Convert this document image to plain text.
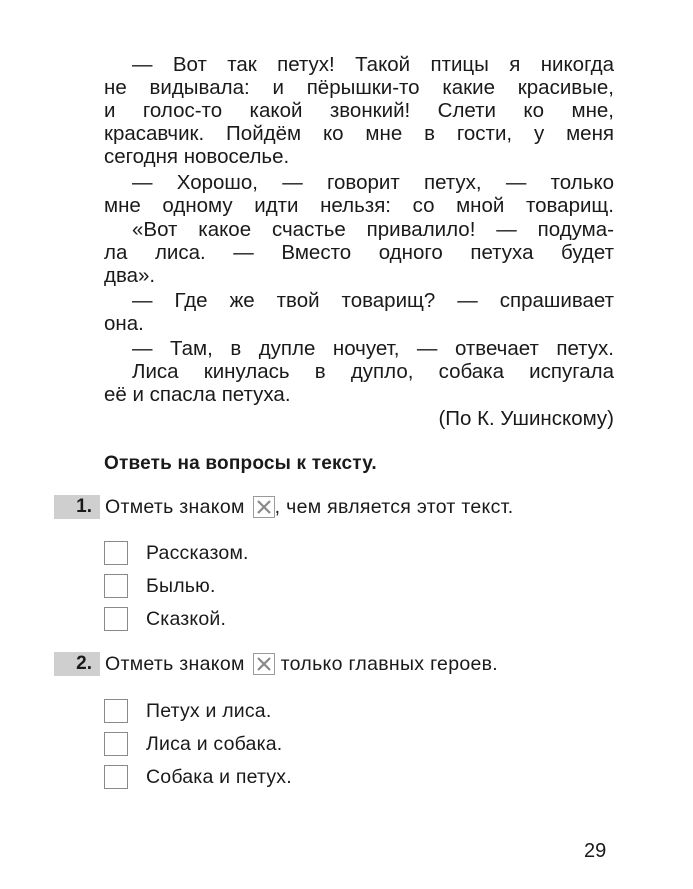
— Вот так петух! Такой птицы я никогда
не видывала: и пёрышки-то какие красивые,
и голос-то какой звонкий! Слети ко мне,
красавчик. Пойдём ко мне в гости, у меня
сегодня новоселье.
— Хорошо, — говорит петух, — только
мне одному идти нельзя: со мной товарищ.
«Вот какое счастье привалило! — подума-
ла лиса. — Вместо одного петуха будет
два».
— Где же твой товарищ? — спрашивает
она.
— Там, в дупле ночует, — отвечает петух.
Лиса кинулась в дупло, собака испугала
её и спасла петуха.
(По К. Ушинскому)
Ответь на вопросы к тексту.
1. Отметь знаком , чем является этот текст.
Рассказом.
Былью.
Сказкой.
2. Отметь знаком только главных героев.
Петух и лиса.
Лиса и собака.
Собака и петух.
29
